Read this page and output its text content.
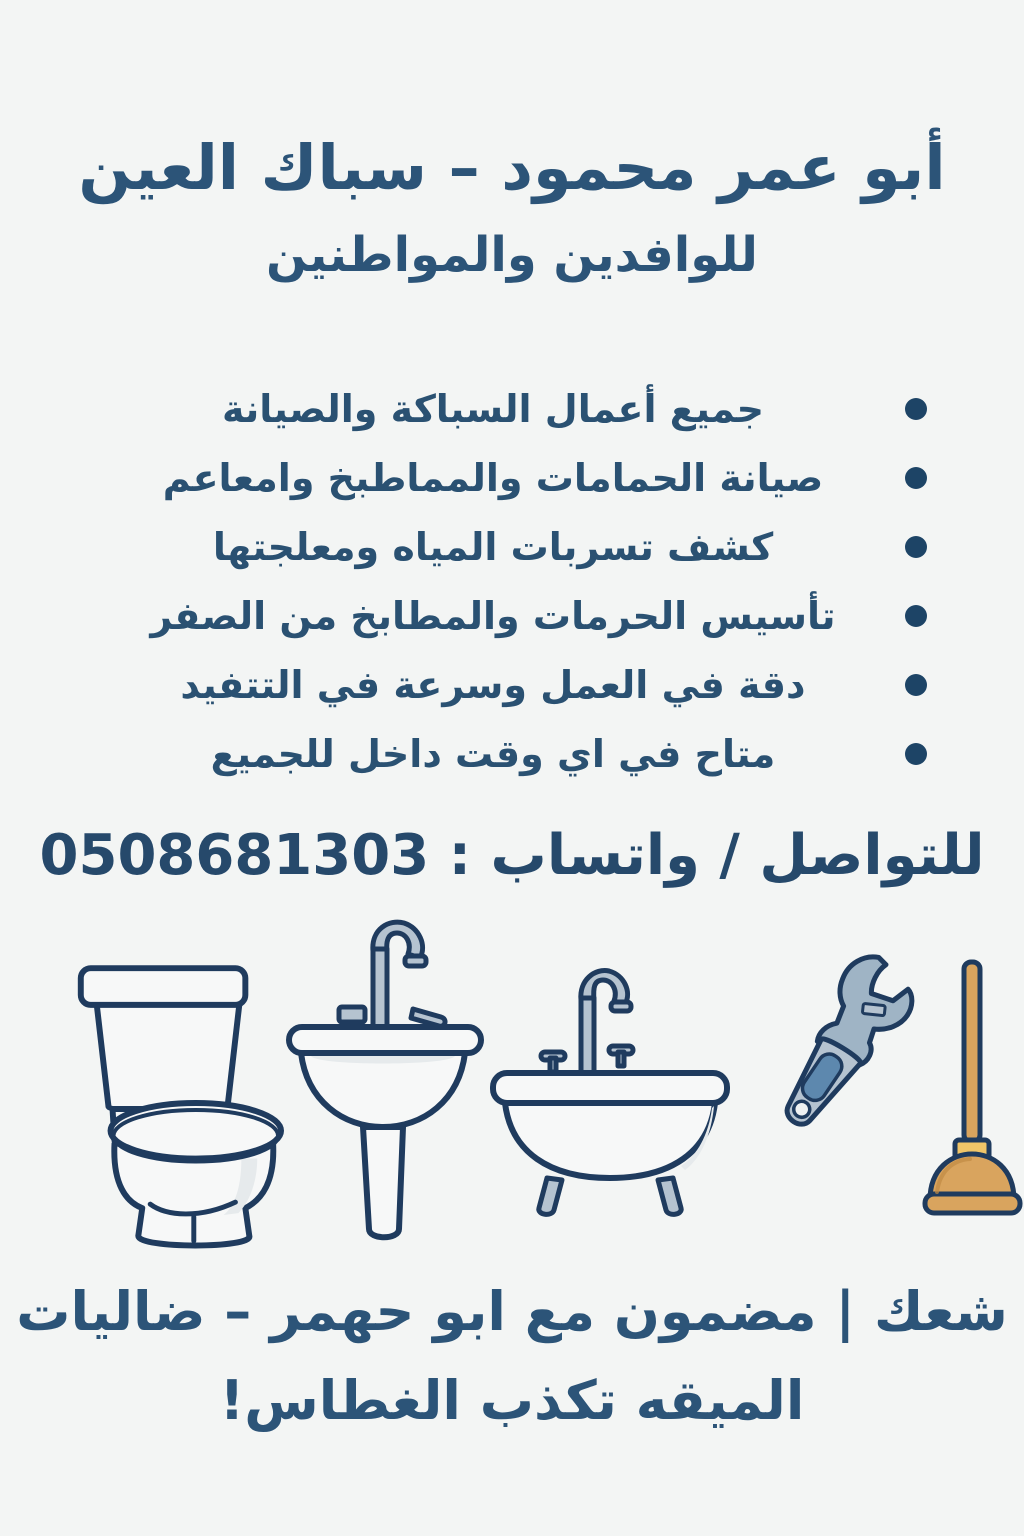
أبو عمر محمود – سباك العين
للوافدين والمواطنين
جميع أعمال السباكة والصيانة
صيانة الحمامات والمماطبخ وامعاعم
كشف تسربات المياه ومعلجتها
تأسيس الحرمات والمطابخ من الصفر
دقة في العمل وسرعة في التتفيد
متاح في اي وقت داخل للجميع
للتواصل / واتساب : 0508681303
شعك | مضمون مع ابو حهمر – ضاليات
الميقه تكذب الغطاس!
